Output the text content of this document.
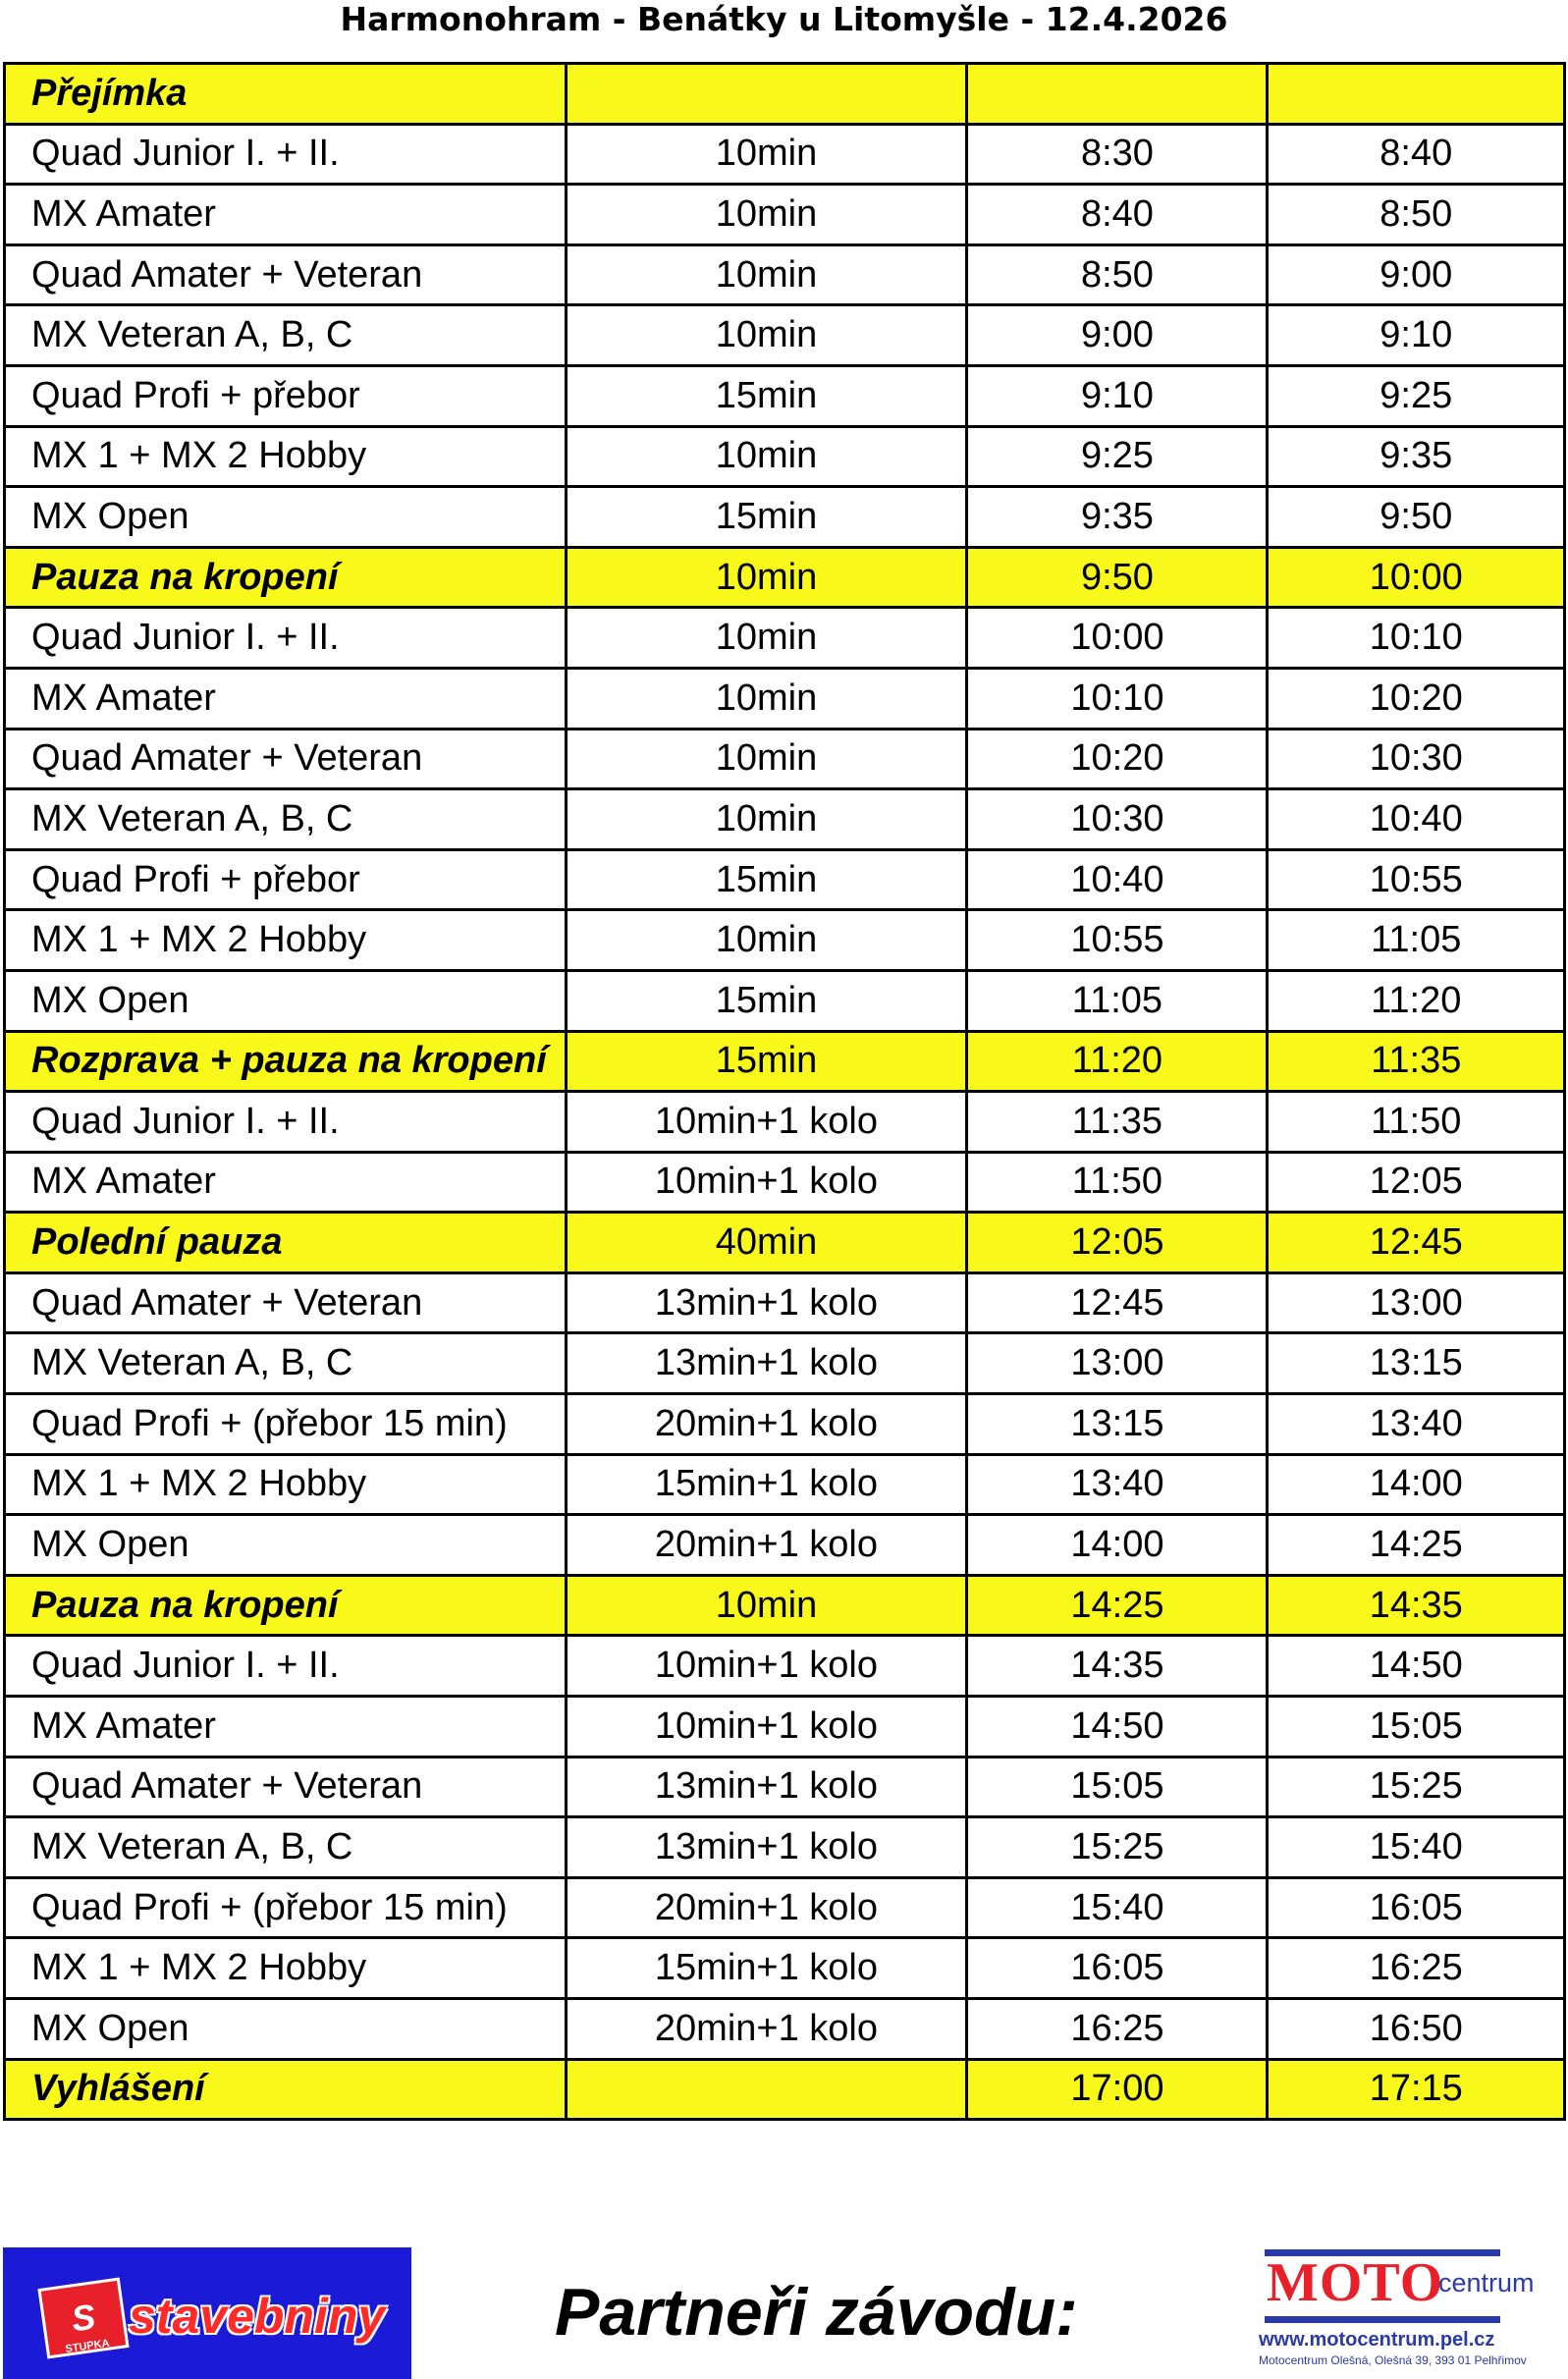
Harmonohram - Benátky u Litomyšle - 12.4.2026
Přejímka			
Quad Junior I. + II.	10min	8:30	8:40
MX Amater	10min	8:40	8:50
Quad Amater + Veteran	10min	8:50	9:00
MX Veteran A, B, C	10min	9:00	9:10
Quad Profi + přebor	15min	9:10	9:25
MX 1 + MX 2 Hobby	10min	9:25	9:35
MX Open	15min	9:35	9:50
Pauza na kropení	10min	9:50	10:00
Quad Junior I. + II.	10min	10:00	10:10
MX Amater	10min	10:10	10:20
Quad Amater + Veteran	10min	10:20	10:30
MX Veteran A, B, C	10min	10:30	10:40
Quad Profi + přebor	15min	10:40	10:55
MX 1 + MX 2 Hobby	10min	10:55	11:05
MX Open	15min	11:05	11:20
Rozprava + pauza na kropení	15min	11:20	11:35
Quad Junior I. + II.	10min+1 kolo	11:35	11:50
MX Amater	10min+1 kolo	11:50	12:05
Polední pauza	40min	12:05	12:45
Quad Amater + Veteran	13min+1 kolo	12:45	13:00
MX Veteran A, B, C	13min+1 kolo	13:00	13:15
Quad Profi + (přebor 15 min)	20min+1 kolo	13:15	13:40
MX 1 + MX 2 Hobby	15min+1 kolo	13:40	14:00
MX Open	20min+1 kolo	14:00	14:25
Pauza na kropení	10min	14:25	14:35
Quad Junior I. + II.	10min+1 kolo	14:35	14:50
MX Amater	10min+1 kolo	14:50	15:05
Quad Amater + Veteran	13min+1 kolo	15:05	15:25
MX Veteran A, B, C	13min+1 kolo	15:25	15:40
Quad Profi + (přebor 15 min)	20min+1 kolo	15:40	16:05
MX 1 + MX 2 Hobby	15min+1 kolo	16:05	16:25
MX Open	20min+1 kolo	16:25	16:50
Vyhlášení		17:00	17:15
S
STUPKA
stavebniny	Partneři závodu:	MOTO
centrum
www.motocentrum.pel.cz
Motocentrum Olešná, Olešná 39, 393 01 Pelhřimov
